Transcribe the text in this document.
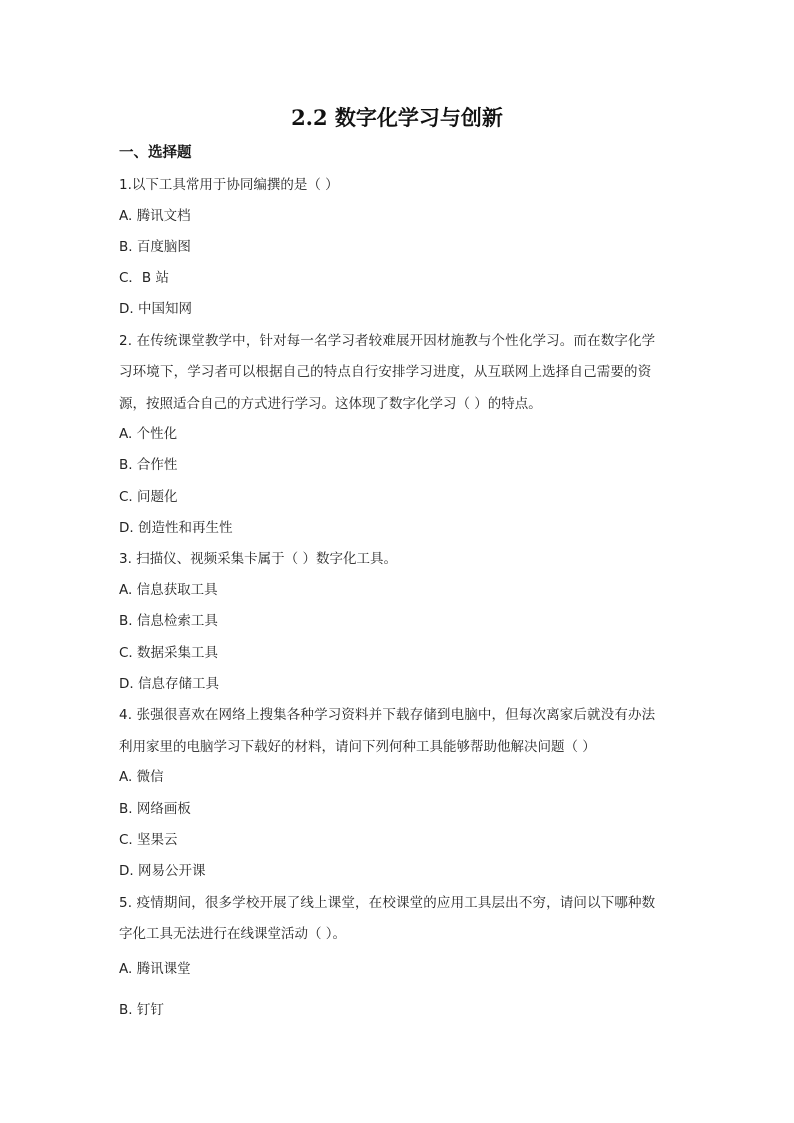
2.2 数字化学习与创新
一、选择题
1.以下工具常用于协同编撰的是（ ）
A. 腾讯文档
B. 百度脑图
C．B 站
D. 中国知网
2. 在传统课堂教学中，针对每一名学习者较难展开因材施教与个性化学习。而在数字化学
习环境下，学习者可以根据自己的特点自行安排学习进度，从互联网上选择自己需要的资
源，按照适合自己的方式进行学习。这体现了数字化学习（ ）的特点。
A. 个性化
B. 合作性
C. 问题化
D. 创造性和再生性
3. 扫描仪、视频采集卡属于（ ）数字化工具。
A. 信息获取工具
B. 信息检索工具
C. 数据采集工具
D. 信息存储工具
4. 张强很喜欢在网络上搜集各种学习资料并下载存储到电脑中，但每次离家后就没有办法
利用家里的电脑学习下载好的材料，请问下列何种工具能够帮助他解决问题（ ）
A. 微信
B. 网络画板
C. 坚果云
D. 网易公开课
5. 疫情期间，很多学校开展了线上课堂，在校课堂的应用工具层出不穷，请问以下哪种数
字化工具无法进行在线课堂活动（ ）。
A. 腾讯课堂
B. 钉钉
